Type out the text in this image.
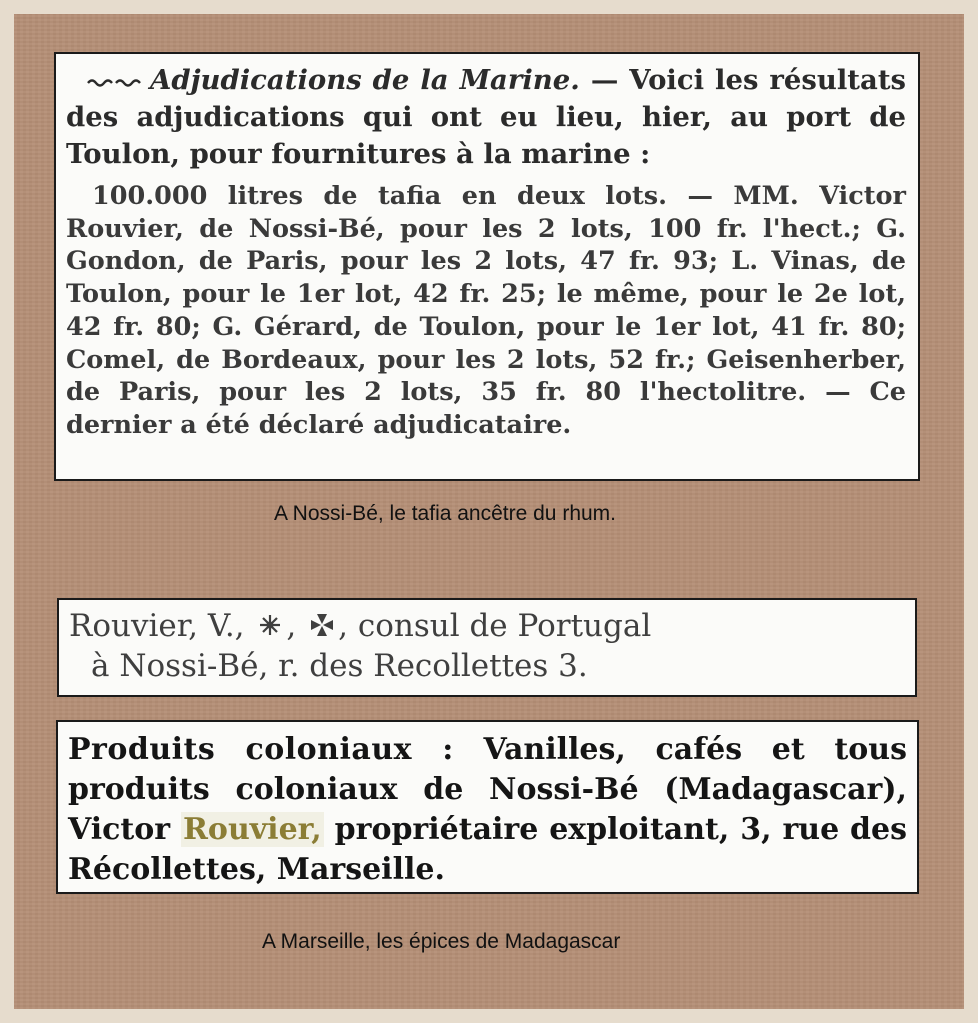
Adjudications de la Marine. — Voici les résultats des adjudications qui ont eu lieu, hier, au port de Toulon, pour fournitures à la marine :

100.000 litres de tafia en deux lots. — MM. Victor Rouvier, de Nossi-Bé, pour les 2 lots, 100 fr. l'hect.; G. Gondon, de Paris, pour les 2 lots, 47 fr. 93; L. Vinas, de Toulon, pour le 1er lot, 42 fr. 25; le même, pour le 2e lot, 42 fr. 80; G. Gérard, de Toulon, pour le 1er lot, 41 fr. 80; Comel, de Bordeaux, pour les 2 lots, 52 fr.; Geisenherber, de Paris, pour les 2 lots, 35 fr. 80 l'hectolitre. — Ce dernier a été déclaré adjudicataire.

A Nossi-Bé, le tafia ancêtre du rhum.

Rouvier, V., , , consul de Portugal
à Nossi-Bé, r. des Recollettes 3.

Produits coloniaux : Vanilles, cafés et tous produits coloniaux de Nossi-Bé (Madagascar), Victor Rouvier, propriétaire exploitant, 3, rue des Récollettes, Marseille.

A Marseille, les épices de Madagascar
